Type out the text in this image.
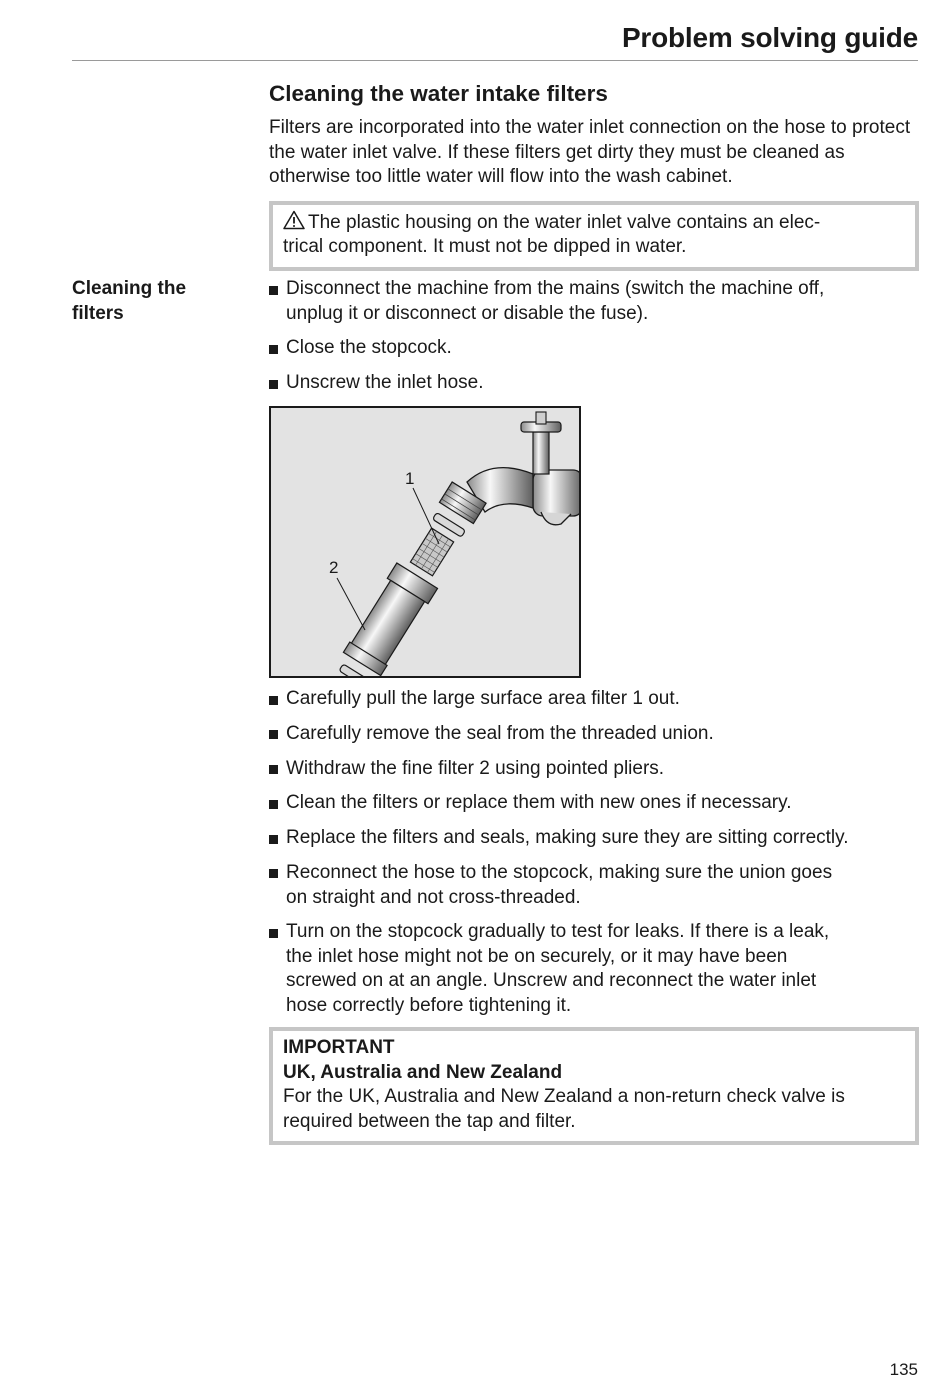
Problem solving guide
Cleaning the water intake filters

Filters are incorporated into the water inlet connection on the hose to protect the water inlet valve. If these filters get dirty they must be cleaned as otherwise too little water will flow into the wash cabinet.

The plastic housing on the water inlet valve contains an elec-
trical component. It must not be dipped in water.
Cleaning the
filters
Disconnect the machine from the mains (switch the machine off,
unplug it or disconnect or disable the fuse).
Close the stopcock.
Unscrew the inlet hose.
1
2
Carefully pull the large surface area filter 1 out.
Carefully remove the seal from the threaded union.
Withdraw the fine filter 2 using pointed pliers.
Clean the filters or replace them with new ones if necessary.
Replace the filters and seals, making sure they are sitting correctly.
Reconnect the hose to the stopcock, making sure the union goes
on straight and not cross-threaded.
Turn on the stopcock gradually to test for leaks. If there is a leak,
the inlet hose might not be on securely, or it may have been
screwed on at an angle. Unscrew and reconnect the water inlet
hose correctly before tightening it.
IMPORTANT
UK, Australia and New Zealand
For the UK, Australia and New Zealand a non-return check valve is
required between the tap and filter.
135
